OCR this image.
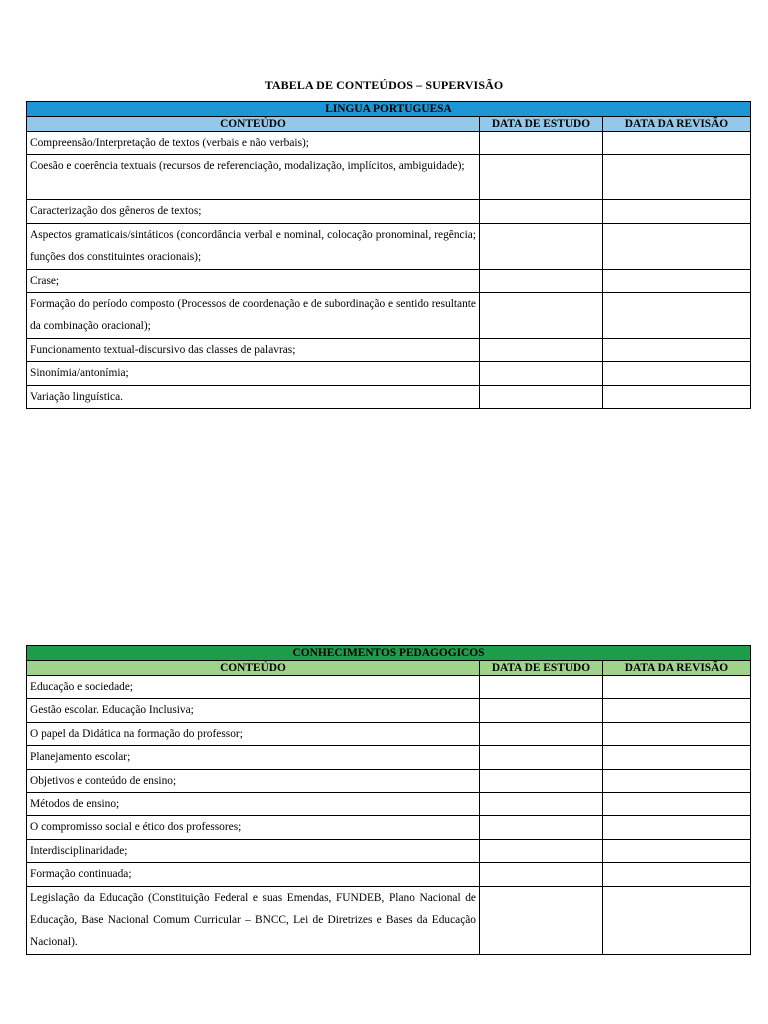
TABELA DE CONTEÚDOS – SUPERVISÃO
LINGUA PORTUGUESA		
CONTEÚDO	DATA DE ESTUDO	DATA DA REVISÃO
Compreensão/Interpretação de textos (verbais e não verbais);		
Coesão e coerência textuais (recursos de referenciação, modalização, implícitos, ambiguidade);		
Caracterização dos gêneros de textos;		
Aspectos gramaticais/sintáticos (concordância verbal e nominal, colocação pronominal, regência; funções dos constituintes oracionais);		
Crase;		
Formação do período composto (Processos de coordenação e de subordinação e sentido resultante da combinação oracional);		
Funcionamento textual-discursivo das classes de palavras;		
Sinonímia/antonímia;		
Variação linguística.		
CONHECIMENTOS PEDAGOGICOS		
CONTEÚDO	DATA DE ESTUDO	DATA DA REVISÃO
Educação e sociedade;		
Gestão escolar. Educação Inclusiva;		
O papel da Didática na formação do professor;		
Planejamento escolar;		
Objetivos e conteúdo de ensino;		
Métodos de ensino;		
O compromisso social e ético dos professores;		
Interdisciplinaridade;		
Formação continuada;		
Legislação da Educação (Constituição Federal e suas Emendas, FUNDEB, Plano Nacional de Educação, Base Nacional Comum Curricular – BNCC, Lei de Diretrizes e Bases da Educação Nacional).		
